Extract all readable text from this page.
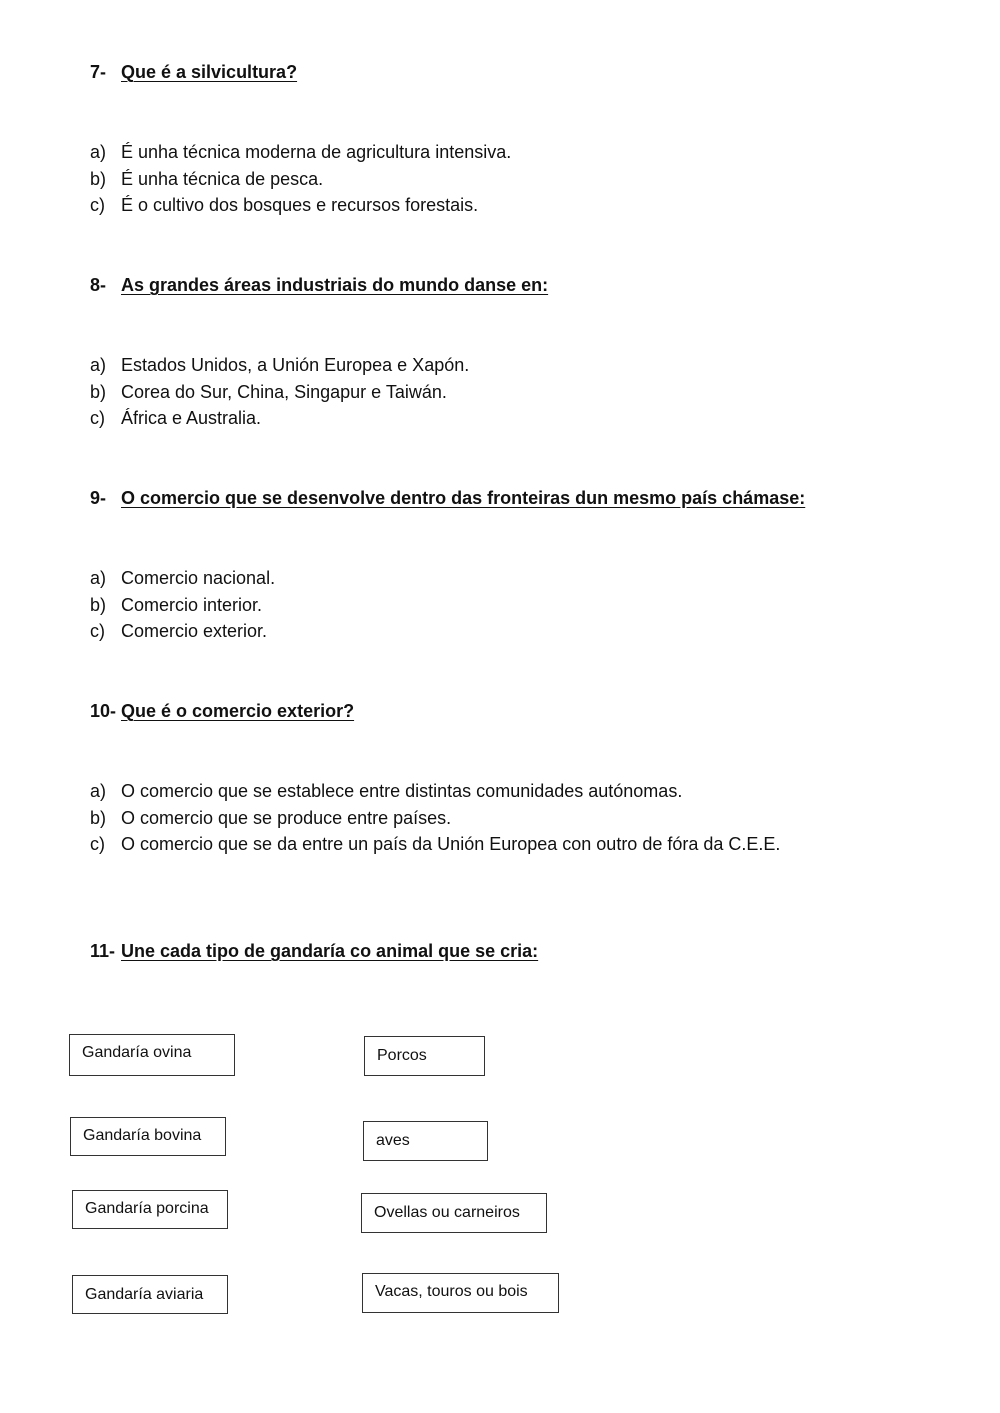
7- Que é a silvicultura?
a) É unha técnica moderna de agricultura intensiva.
b) É unha técnica de pesca.
c) É o cultivo dos bosques e recursos forestais.
8- As grandes áreas industriais do mundo danse en:
a) Estados Unidos, a Unión Europea e Xapón.
b) Corea do Sur, China, Singapur e Taiwán.
c) África e Australia.
9- O comercio que se desenvolve dentro das fronteiras dun mesmo país chámase:
a) Comercio nacional.
b) Comercio interior.
c) Comercio exterior.
10- Que é o comercio exterior?
a) O comercio que se establece entre distintas comunidades autónomas.
b) O comercio que se produce entre países.
c) O comercio que se da entre un país da Unión Europea con outro de fóra da C.E.E.
11- Une cada tipo de gandaría co animal que se cria:
Gandaría ovina
Gandaría bovina
Gandaría porcina
Gandaría aviaria
Porcos
aves
Ovellas ou carneiros
Vacas, touros ou bois
